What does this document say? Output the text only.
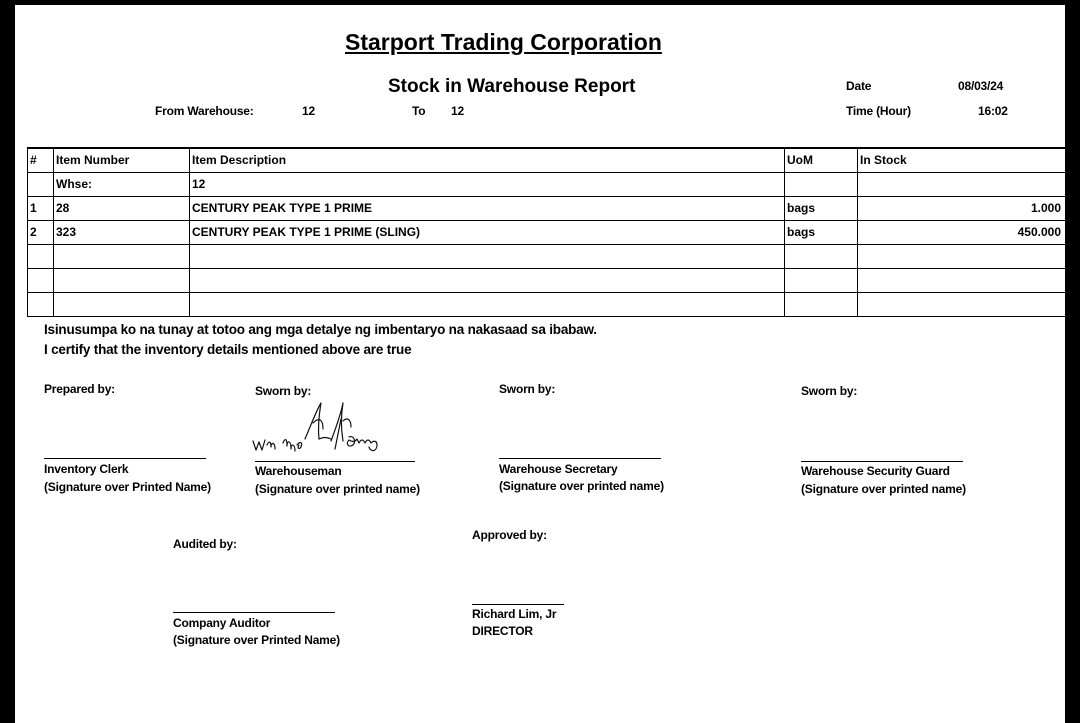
Starport Trading Corporation
Stock in Warehouse Report
From Warehouse:	12	To 12
Date	08/03/24
Time (Hour)	16:02
#	Item Number	Item Description	UoM	In Stock
	Whse:	12		
1	28	CENTURY PEAK TYPE 1 PRIME	bags	1.000
2	323	CENTURY PEAK TYPE 1 PRIME (SLING)	bags	450.000

Isinusumpa ko na tunay at totoo ang mga detalye ng imbentaryo na nakasaad sa ibabaw.
I certify that the inventory details mentioned above are true
Prepared by:
Inventory Clerk
(Signature over Printed Name)
Sworn by:
Warehouseman
(Signature over printed name)
Sworn by:
Warehouse Secretary
(Signature over printed name)
Sworn by:
Warehouse Security Guard
(Signature over printed name)
Audited by:
Company Auditor
(Signature over Printed Name)
Approved by:
Richard Lim, Jr
DIRECTOR
